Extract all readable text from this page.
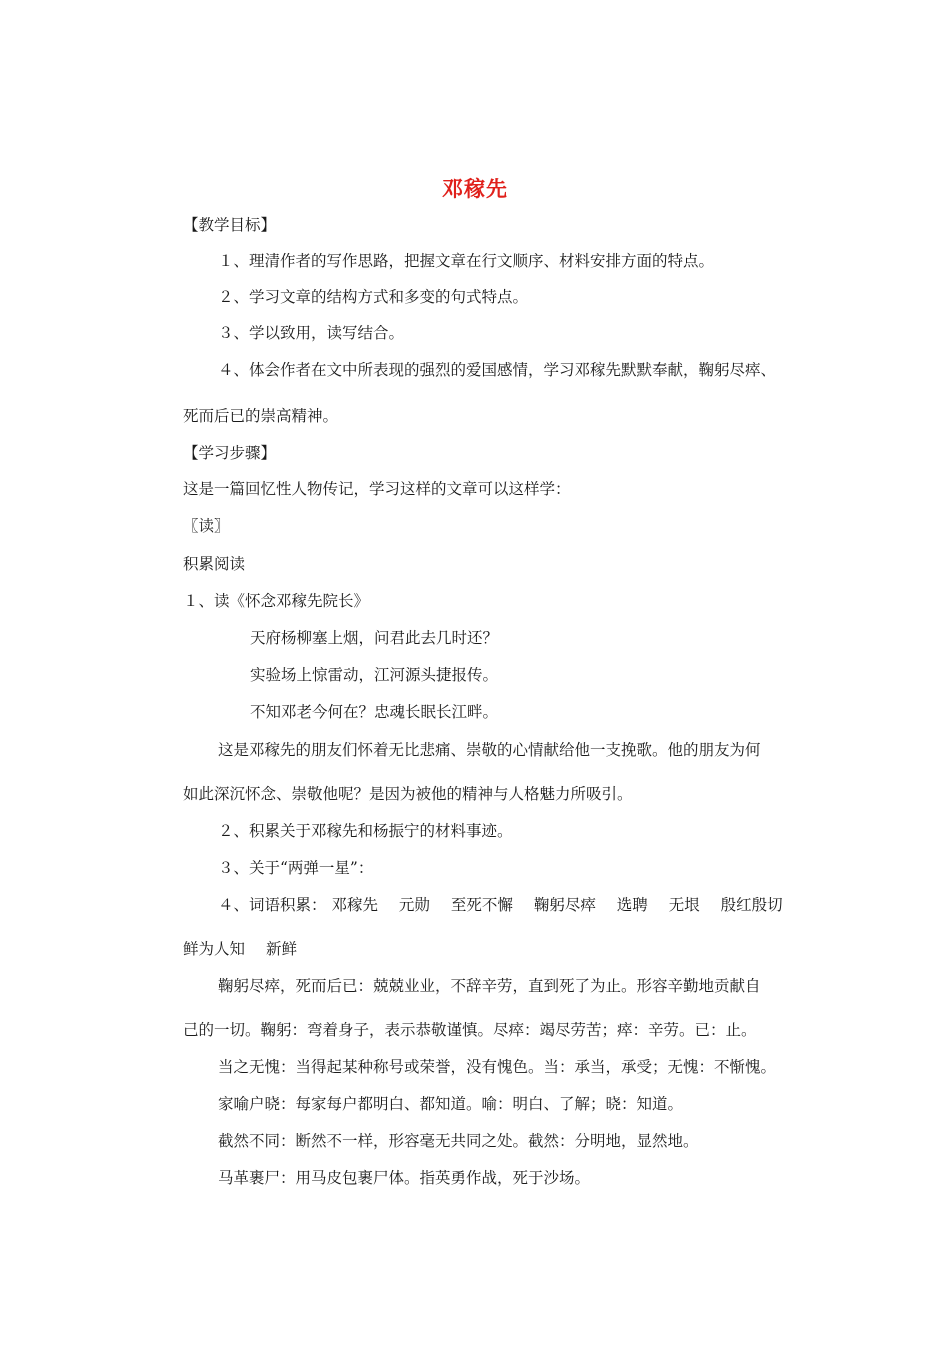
邓稼先
【教学目标】
１、理清作者的写作思路，把握文章在行文顺序、材料安排方面的特点。
２、学习文章的结构方式和多变的句式特点。
３、学以致用，读写结合。
４、体会作者在文中所表现的强烈的爱国感情，学习邓稼先默默奉献，鞠躬尽瘁、
死而后已的崇高精神。
【学习步骤】
这是一篇回忆性人物传记，学习这样的文章可以这样学：
〖读〗
积累阅读
１、读《怀念邓稼先院长》
天府杨柳塞上烟，问君此去几时还？
实验场上惊雷动，江河源头捷报传。
不知邓老今何在？忠魂长眠长江畔。
这是邓稼先的朋友们怀着无比悲痛、崇敬的心情献给他一支挽歌。他的朋友为何
如此深沉怀念、崇敬他呢？是因为被他的精神与人格魅力所吸引。
２、积累关于邓稼先和杨振宁的材料事迹。
３、关于“两弹一星”：
４、词语积累： 邓稼先 元勋 至死不懈 鞠躬尽瘁 选聘 无垠 殷红殷切
鲜为人知 新鲜
鞠躬尽瘁，死而后已：兢兢业业，不辞辛劳，直到死了为止。形容辛勤地贡献自
己的一切。鞠躬：弯着身子，表示恭敬谨慎。尽瘁：竭尽劳苦；瘁：辛劳。已：止。
当之无愧：当得起某种称号或荣誉，没有愧色。当：承当，承受；无愧：不惭愧。
家喻户晓：每家每户都明白、都知道。喻：明白、了解；晓：知道。
截然不同：断然不一样，形容毫无共同之处。截然：分明地，显然地。
马革裹尸：用马皮包裹尸体。指英勇作战，死于沙场。
